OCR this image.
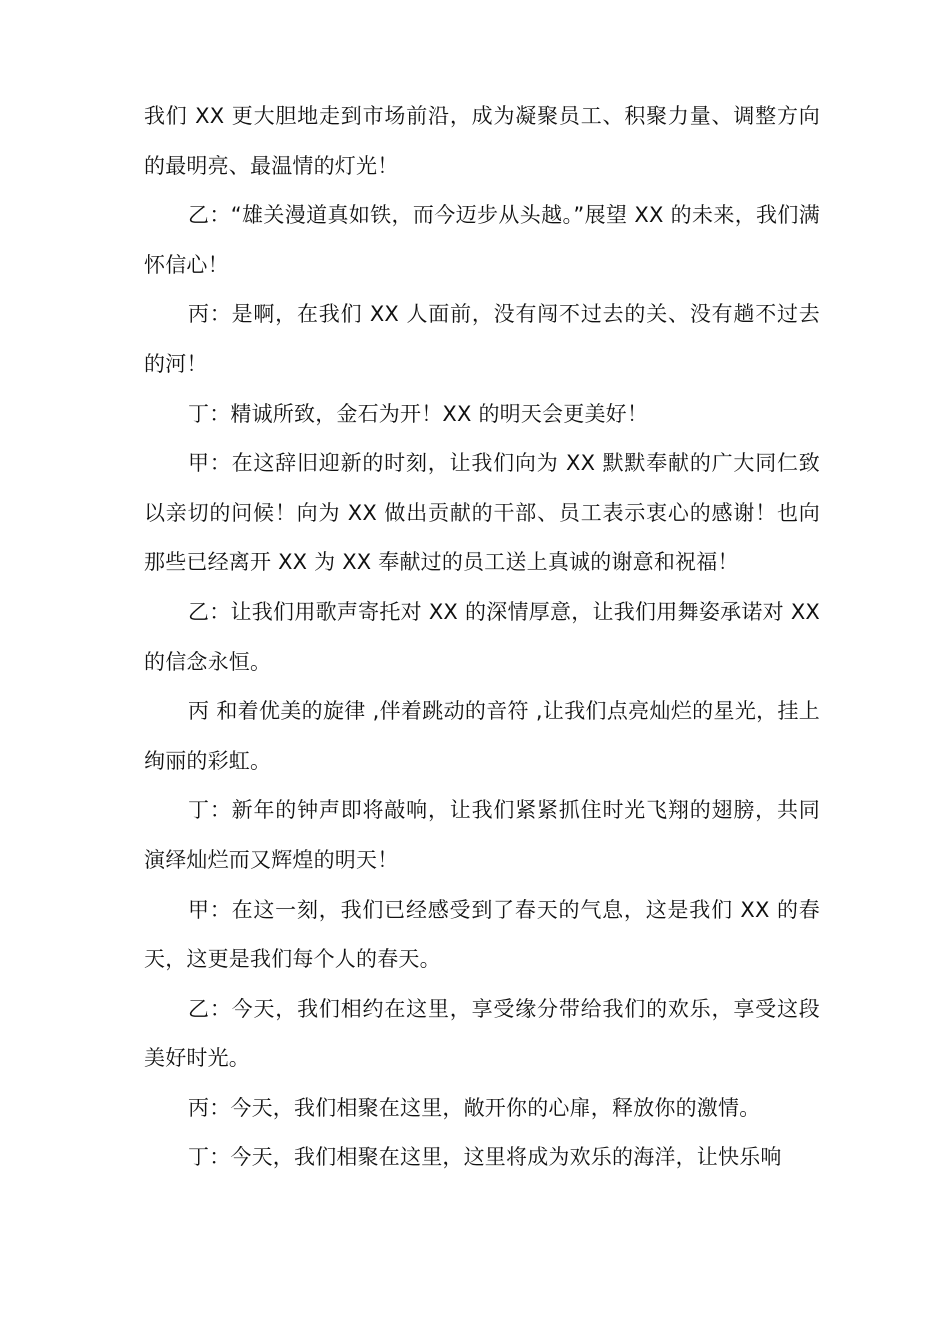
我们 XX 更大胆地走到市场前沿，成为凝聚员工、积聚力量、调整方向的最明亮、最温情的灯光！

乙：“雄关漫道真如铁，而今迈步从头越。”展望 XX 的未来，我们满怀信心！

丙：是啊，在我们 XX 人面前，没有闯不过去的关、没有趟不过去的河！

丁：精诚所致，金石为开！XX 的明天会更美好！

甲：在这辞旧迎新的时刻，让我们向为 XX 默默奉献的广大同仁致以亲切的问候！向为 XX 做出贡献的干部、员工表示衷心的感谢！也向那些已经离开 XX 为 XX 奉献过的员工送上真诚的谢意和祝福！

乙：让我们用歌声寄托对 XX 的深情厚意，让我们用舞姿承诺对 XX 的信念永恒。

丙 和着优美的旋律 ,伴着跳动的音符 ,让我们点亮灿烂的星光，挂上绚丽的彩虹。

丁：新年的钟声即将敲响，让我们紧紧抓住时光飞翔的翅膀，共同演绎灿烂而又辉煌的明天！

甲：在这一刻，我们已经感受到了春天的气息，这是我们 XX 的春天，这更是我们每个人的春天。

乙：今天，我们相约在这里，享受缘分带给我们的欢乐，享受这段美好时光。

丙：今天，我们相聚在这里，敞开你的心扉，释放你的激情。

丁：今天，我们相聚在这里，这里将成为欢乐的海洋，让快乐响
